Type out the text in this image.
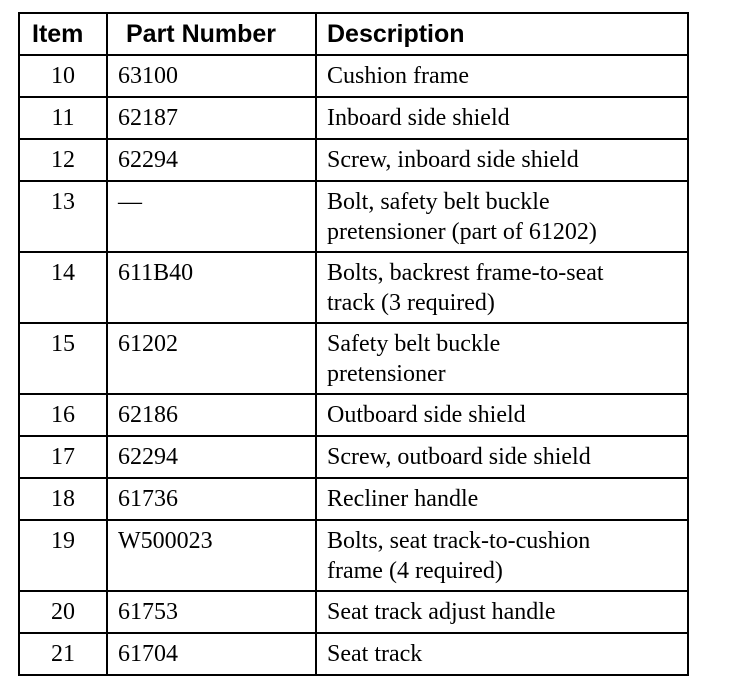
Item	Part Number	Description
10	63100	Cushion frame
11	62187	Inboard side shield
12	62294	Screw, inboard side shield
13	—	Bolt, safety belt buckle
pretensioner (part of 61202)
14	611B40	Bolts, backrest frame-to-seat
track (3 required)
15	61202	Safety belt buckle
pretensioner
16	62186	Outboard side shield
17	62294	Screw, outboard side shield
18	61736	Recliner handle
19	W500023	Bolts, seat track-to-cushion
frame (4 required)
20	61753	Seat track adjust handle
21	61704	Seat track
